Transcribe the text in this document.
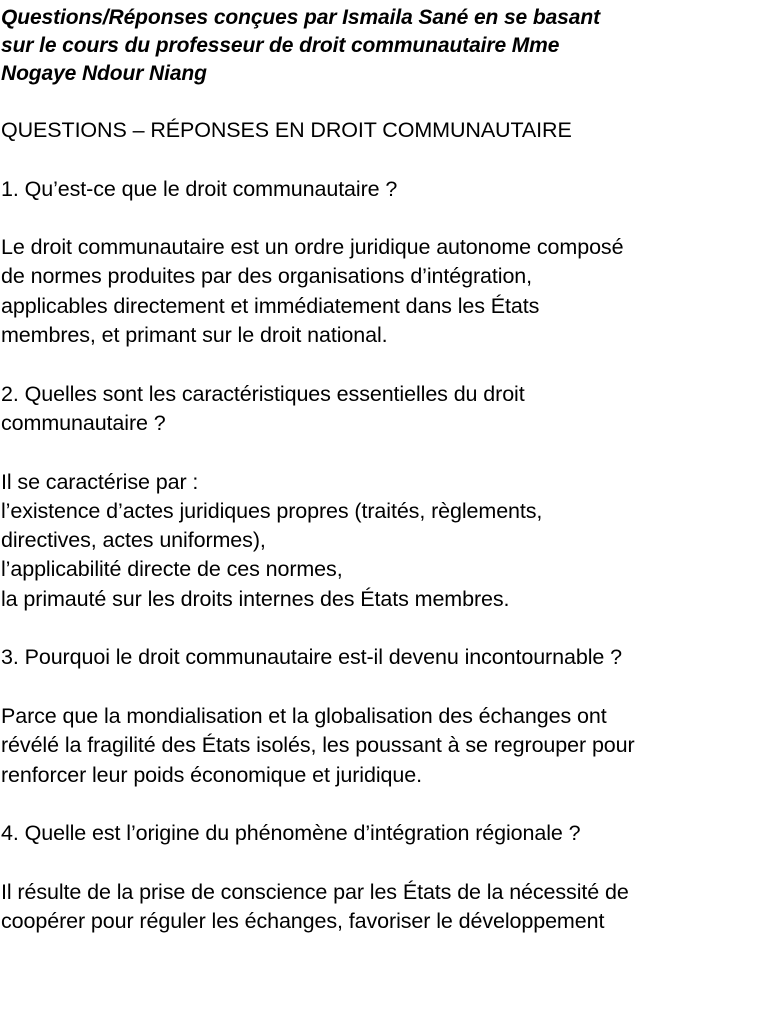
Questions/Réponses conçues par Ismaila Sané en se basant
sur le cours du professeur de droit communautaire Mme
Nogaye Ndour Niang
QUESTIONS – RÉPONSES EN DROIT COMMUNAUTAIRE
1. Qu’est-ce que le droit communautaire ?
Le droit communautaire est un ordre juridique autonome composé
de normes produites par des organisations d’intégration,
applicables directement et immédiatement dans les États
membres, et primant sur le droit national.
2. Quelles sont les caractéristiques essentielles du droit
communautaire ?
Il se caractérise par :
l’existence d’actes juridiques propres (traités, règlements,
directives, actes uniformes),
l’applicabilité directe de ces normes,
la primauté sur les droits internes des États membres.
3. Pourquoi le droit communautaire est-il devenu incontournable ?
Parce que la mondialisation et la globalisation des échanges ont
révélé la fragilité des États isolés, les poussant à se regrouper pour
renforcer leur poids économique et juridique.
4. Quelle est l’origine du phénomène d’intégration régionale ?
Il résulte de la prise de conscience par les États de la nécessité de
coopérer pour réguler les échanges, favoriser le développement
